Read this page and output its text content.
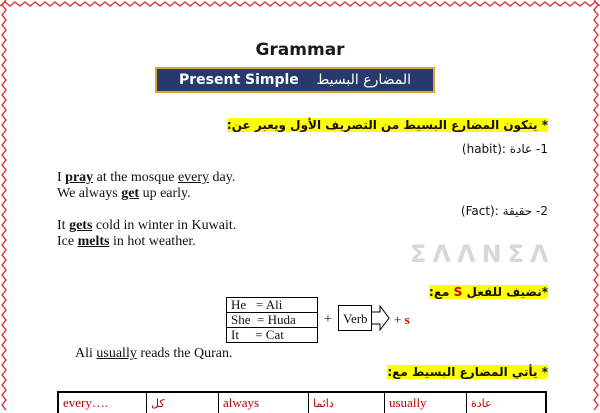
Grammar
Present Simple المضارع البسيط
* يتكون المضارع البسيط من التصريف الأول ويعبر عن:
1- عادة (habit):
I pray at the mosque every day.
We always get up early.
2- حقيقة (Fact):
It gets cold in winter in Kuwait.
Ice melts in hot weather.	ΣΛΛΝΣΛ
*نضيف للفعل S مع:
He   = Ali
She  = Huda
It     = Cat
+ Verb	+ s
Ali usually reads the Quran.
* يأتي المضارع البسيط مع:
every….	كل	always	دائما	usually	عادة
